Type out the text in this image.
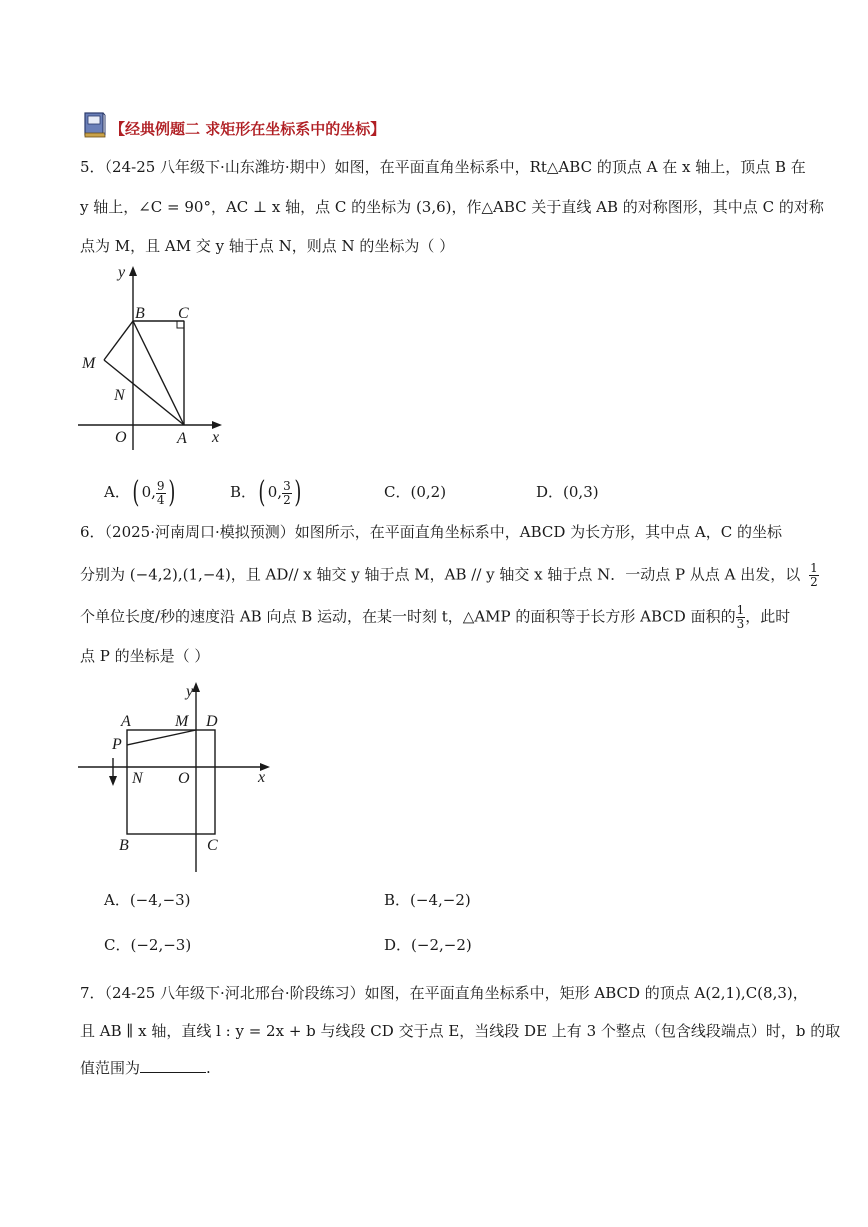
【经典例题二 求矩形在坐标系中的坐标】
5．（24-25 八年级下·山东潍坊·期中）如图，在平面直角坐标系中，Rt△ABC 的顶点 A 在 x 轴上，顶点 B 在
y 轴上，∠C = 90°，AC ⊥ x 轴，点 C 的坐标为 (3,6)，作△ABC 关于直线 AB 的对称图形，其中点 C 的对称
点为 M，且 AM 交 y 轴于点 N，则点 N 的坐标为（ ）
y
x
B C
M
N
O	A
A．( 0, $\frac{9}{4}$ )	B．( 0, $\frac{3}{2}$ )	C．(0,2)	D．(0,3)
6．（2025·河南周口·模拟预测）如图所示，在平面直角坐标系中，ABCD 为长方形，其中点 A，C 的坐标
分别为 (−4,2),(1,−4)，且 AD// x 轴交 y 轴于点 M，AB // y 轴交 x 轴于点 N．一动点 P 从点 A 出发，以 $\frac{1}{2}$
个单位长度/秒的速度沿 AB 向点 B 运动，在某一时刻 t，△AMP 的面积等于长方形 ABCD 面积的 $\frac{1}{3}$ ，此时
点 P 的坐标是（ ）
y
x
A	M D
P
N O
B	C
A．(−4,−3)	B．(−4,−2)
C．(−2,−3)	D．(−2,−2)
7．（24-25 八年级下·河北邢台·阶段练习）如图，在平面直角坐标系中，矩形 ABCD 的顶点 A(2,1),C(8,3)，
且 AB ∥ x 轴，直线 l : y = 2x + b 与线段 CD 交于点 E，当线段 DE 上有 3 个整点（包含线段端点）时，b 的取
值范围为	.
